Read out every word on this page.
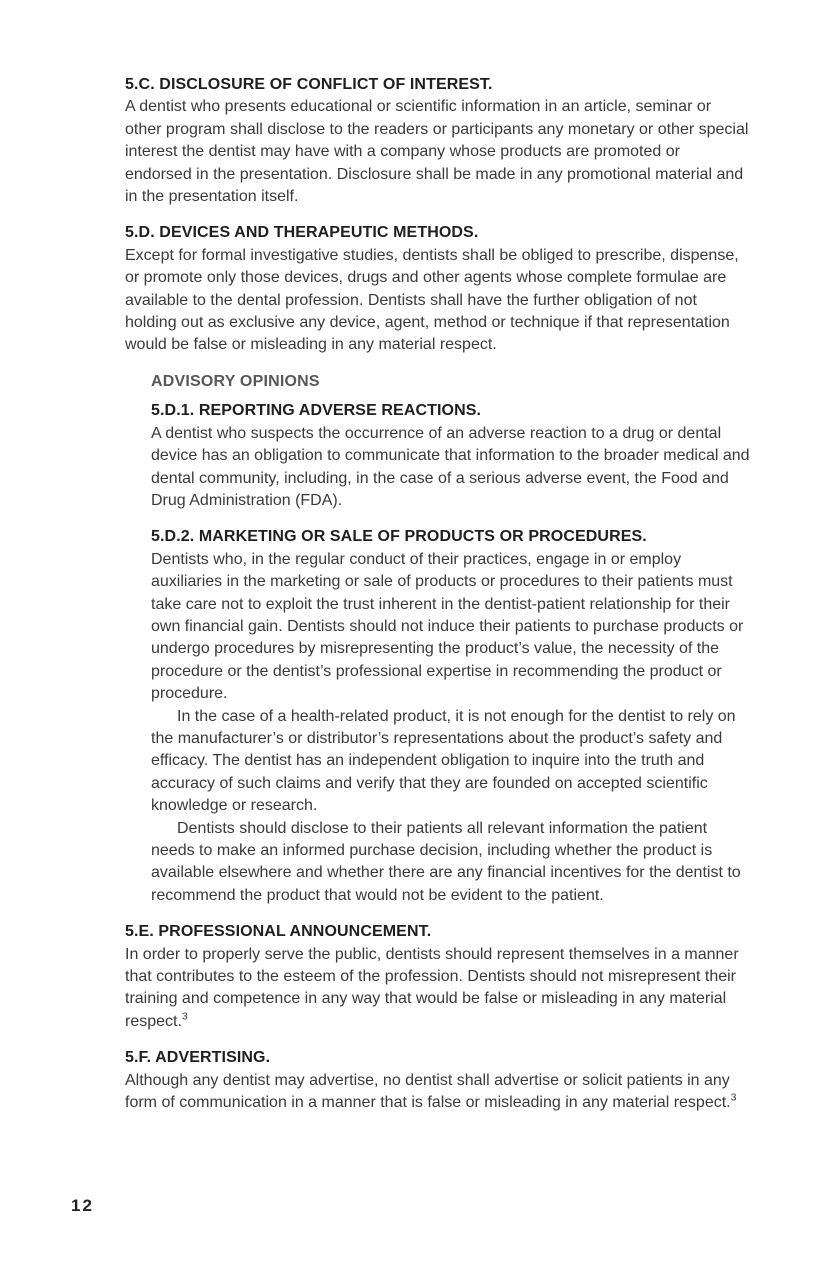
5.C. DISCLOSURE OF CONFLICT OF INTEREST.

A dentist who presents educational or scientific information in an article, seminar or other program shall disclose to the readers or participants any monetary or other special interest the dentist may have with a company whose products are promoted or endorsed in the presentation. Disclosure shall be made in any promotional material and in the presentation itself.

5.D. DEVICES AND THERAPEUTIC METHODS.

Except for formal investigative studies, dentists shall be obliged to prescribe, dispense, or promote only those devices, drugs and other agents whose complete formulae are available to the dental profession. Dentists shall have the further obligation of not holding out as exclusive any device, agent, method or technique if that representation would be false or misleading in any material respect.

ADVISORY OPINIONS
5.D.1. REPORTING ADVERSE REACTIONS.

A dentist who suspects the occurrence of an adverse reaction to a drug or dental device has an obligation to communicate that information to the broader medical and dental community, including, in the case of a serious adverse event, the Food and Drug Administration (FDA).

5.D.2. MARKETING OR SALE OF PRODUCTS OR PROCEDURES.

Dentists who, in the regular conduct of their practices, engage in or employ auxiliaries in the marketing or sale of products or procedures to their patients must take care not to exploit the trust inherent in the dentist-patient relationship for their own financial gain. Dentists should not induce their patients to purchase products or undergo procedures by misrepresenting the product’s value, the necessity of the procedure or the dentist’s professional expertise in recommending the product or procedure.

In the case of a health-related product, it is not enough for the dentist to rely on the manufacturer’s or distributor’s representations about the product’s safety and efficacy. The dentist has an independent obligation to inquire into the truth and accuracy of such claims and verify that they are founded on accepted scientific knowledge or research.

Dentists should disclose to their patients all relevant information the patient needs to make an informed purchase decision, including whether the product is available elsewhere and whether there are any financial incentives for the dentist to recommend the product that would not be evident to the patient.

5.E. PROFESSIONAL ANNOUNCEMENT.

In order to properly serve the public, dentists should represent themselves in a manner that contributes to the esteem of the profession. Dentists should not misrepresent their training and competence in any way that would be false or misleading in any material respect.$^3$

5.F. ADVERTISING.

Although any dentist may advertise, no dentist shall advertise or solicit patients in any form of communication in a manner that is false or misleading in any material respect.$^3$

12
